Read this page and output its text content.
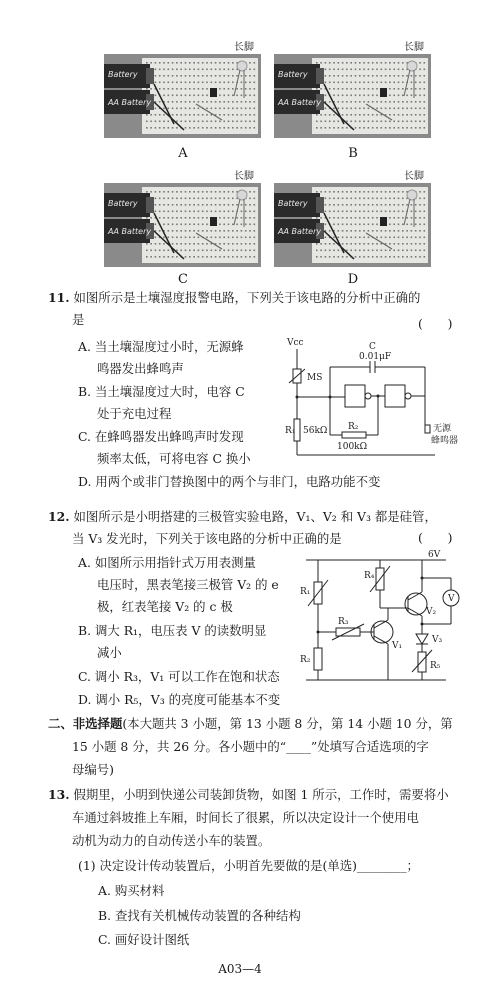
Battery
AA Battery
长脚
A
Battery
AA Battery
长脚
B
Battery
AA Battery
长脚
C
Battery
AA Battery
长脚
D
11. 如图所示是土壤湿度报警电路，下列关于该电路的分析中正确的
是	(　　)
A. 当土壤湿度过小时，无源蜂
鸣器发出蜂鸣声
B. 当土壤湿度过大时，电容 C
处于充电过程
C. 在蜂鸣器发出蜂鸣声时发现
频率太低，可将电容 C 换小
D. 用两个或非门替换图中的两个与非门，电路功能不变
Vcc
MS
R₁ 56kΩ
C
0.01μF
R₂
100kΩ
无源
蜂鸣器
12. 如图所示是小明搭建的三极管实验电路，V₁、V₂ 和 V₃ 都是硅管，
当 V₃ 发光时，下列关于该电路的分析中正确的是	(　　)
A. 如图所示用指针式万用表测量
电压时，黑表笔接三极管 V₂ 的 e
极，红表笔接 V₂ 的 c 极
B. 调大 R₁，电压表 V 的读数明显
减小
C. 调小 R₃，V₁ 可以工作在饱和状态
D. 调小 R₅，V₃ 的亮度可能基本不变
6V
R₁
R₂
R₃
R₄
R₅
V₁
V₂
V₃
V
二、非选择题(本大题共 3 小题，第 13 小题 8 分，第 14 小题 10 分，第
15 小题 8 分，共 26 分。各小题中的“____”处填写合适选项的字
母编号)
13. 假期里，小明到快递公司装卸货物，如图 1 所示，工作时，需要将小
车通过斜坡推上车厢，时间长了很累，所以决定设计一个使用电
动机为动力的自动传送小车的装置。
(1) 决定设计传动装置后，小明首先要做的是(单选)________；
A. 购买材料
B. 查找有关机械传动装置的各种结构
C. 画好设计图纸
A03—4
